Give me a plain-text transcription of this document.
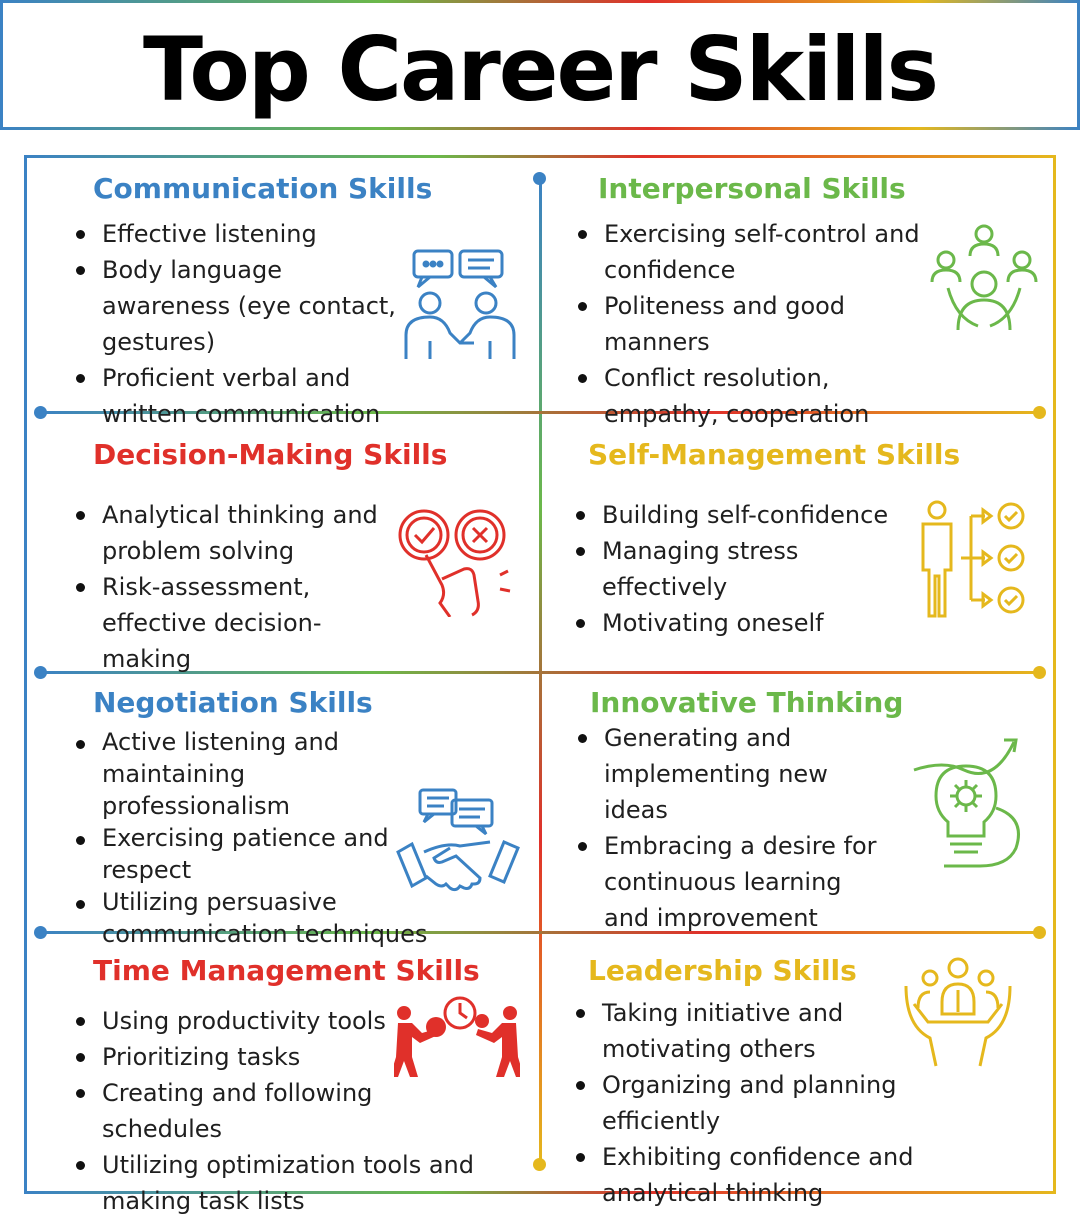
Top Career Skills
Communication Skills
Effective listening
Body language awareness (eye contact, gestures)
Proficient verbal and written communication
Interpersonal Skills
Exercising self-control and confidence
Politeness and good manners
Conflict resolution, empathy, cooperation
Decision-Making Skills
Analytical thinking and problem solving
Risk-assessment, effective decision-making
Self-Management Skills
Building self-confidence
Managing stress effectively
Motivating oneself
Negotiation Skills
Active listening and maintaining professionalism
Exercising patience and respect
Utilizing persuasive communication techniques
Innovative Thinking
Generating and implementing new ideas
Embracing a desire for continuous learning and improvement
Time Management Skills
Using productivity tools
Prioritizing tasks
Creating and following schedules
Utilizing optimization tools and making task lists
Leadership Skills
Taking initiative and motivating others
Organizing and planning efficiently
Exhibiting confidence and analytical thinking
